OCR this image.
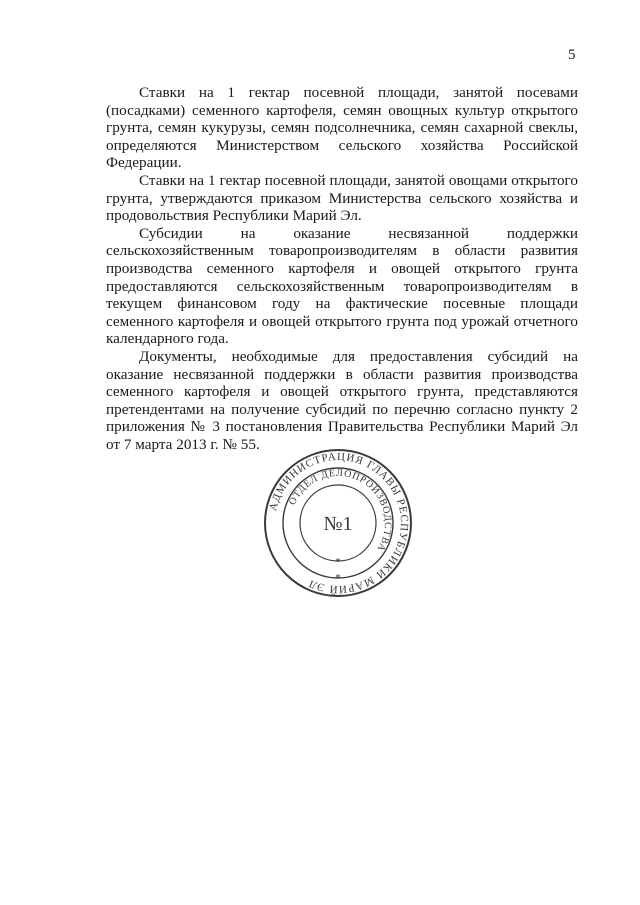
5

Ставки на 1 гектар посевной площади, занятой посевами (посадками) семенного картофеля, семян овощных культур открытого грунта, семян кукурузы, семян подсолнечника, семян сахарной свеклы, определяются Министерством сельского хозяйства Российской Федерации.

Ставки на 1 гектар посевной площади, занятой овощами открытого грунта, утверждаются приказом Министерства сельского хозяйства и продовольствия Республики Марий Эл.

Субсидии на оказание несвязанной поддержки сельскохозяйственным товаропроизводителям в области развития производства семенного картофеля и овощей открытого грунта предоставляются сельскохозяйственным товаропроизводителям в текущем финансовом году на фактические посевные площади семенного картофеля и овощей открытого грунта под урожай отчетного календарного года.

Документы, необходимые для предоставления субсидий на оказание несвязанной поддержки в области развития производства семенного картофеля и овощей открытого грунта, представляются претендентами на получение субсидий по перечню согласно пункту 2 приложения № 3 постановления Правительства Республики Марий Эл от 7 марта 2013 г. № 55.

АДМИНИСТРАЦИЯ ГЛАВЫ РЕСПУБЛИКИ МАРИЙ ЭЛ
ОТДЕЛ ДЕЛОПРОИЗВОДСТВА
№1
*
*
